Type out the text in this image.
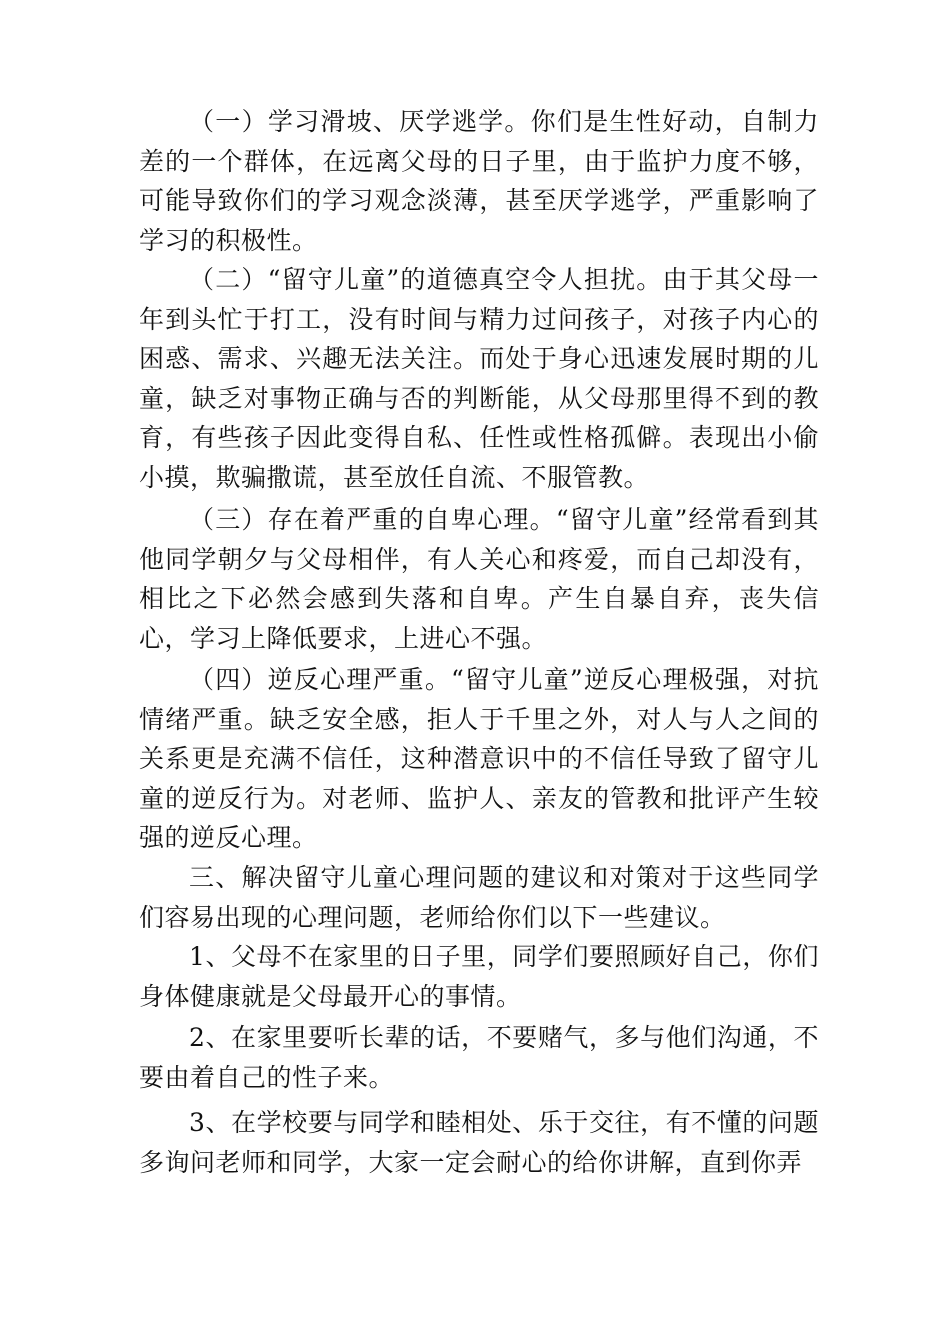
（一）学习滑坡、厌学逃学。你们是生性好动，自制力差的一个群体，在远离父母的日子里，由于监护力度不够，可能导致你们的学习观念淡薄，甚至厌学逃学，严重影响了学习的积极性。

（二）“留守儿童”的道德真空令人担扰。由于其父母一年到头忙于打工，没有时间与精力过问孩子，对孩子内心的困惑、需求、兴趣无法关注。而处于身心迅速发展时期的儿童，缺乏对事物正确与否的判断能，从父母那里得不到的教育，有些孩子因此变得自私、任性或性格孤僻。表现出小偷小摸，欺骗撒谎，甚至放任自流、不服管教。

（三）存在着严重的自卑心理。“留守儿童”经常看到其他同学朝夕与父母相伴，有人关心和疼爱，而自己却没有，相比之下必然会感到失落和自卑。产生自暴自弃，丧失信心，学习上降低要求，上进心不强。

（四）逆反心理严重。“留守儿童”逆反心理极强，对抗情绪严重。缺乏安全感，拒人于千里之外，对人与人之间的关系更是充满不信任，这种潜意识中的不信任导致了留守儿童的逆反行为。对老师、监护人、亲友的管教和批评产生较强的逆反心理。

三、解决留守儿童心理问题的建议和对策对于这些同学们容易出现的心理问题，老师给你们以下一些建议。

1、父母不在家里的日子里，同学们要照顾好自己，你们身体健康就是父母最开心的事情。

2、在家里要听长辈的话，不要赌气，多与他们沟通，不要由着自己的性子来。

3、在学校要与同学和睦相处、乐于交往，有不懂的问题多询问老师和同学，大家一定会耐心的给你讲解，直到你弄
